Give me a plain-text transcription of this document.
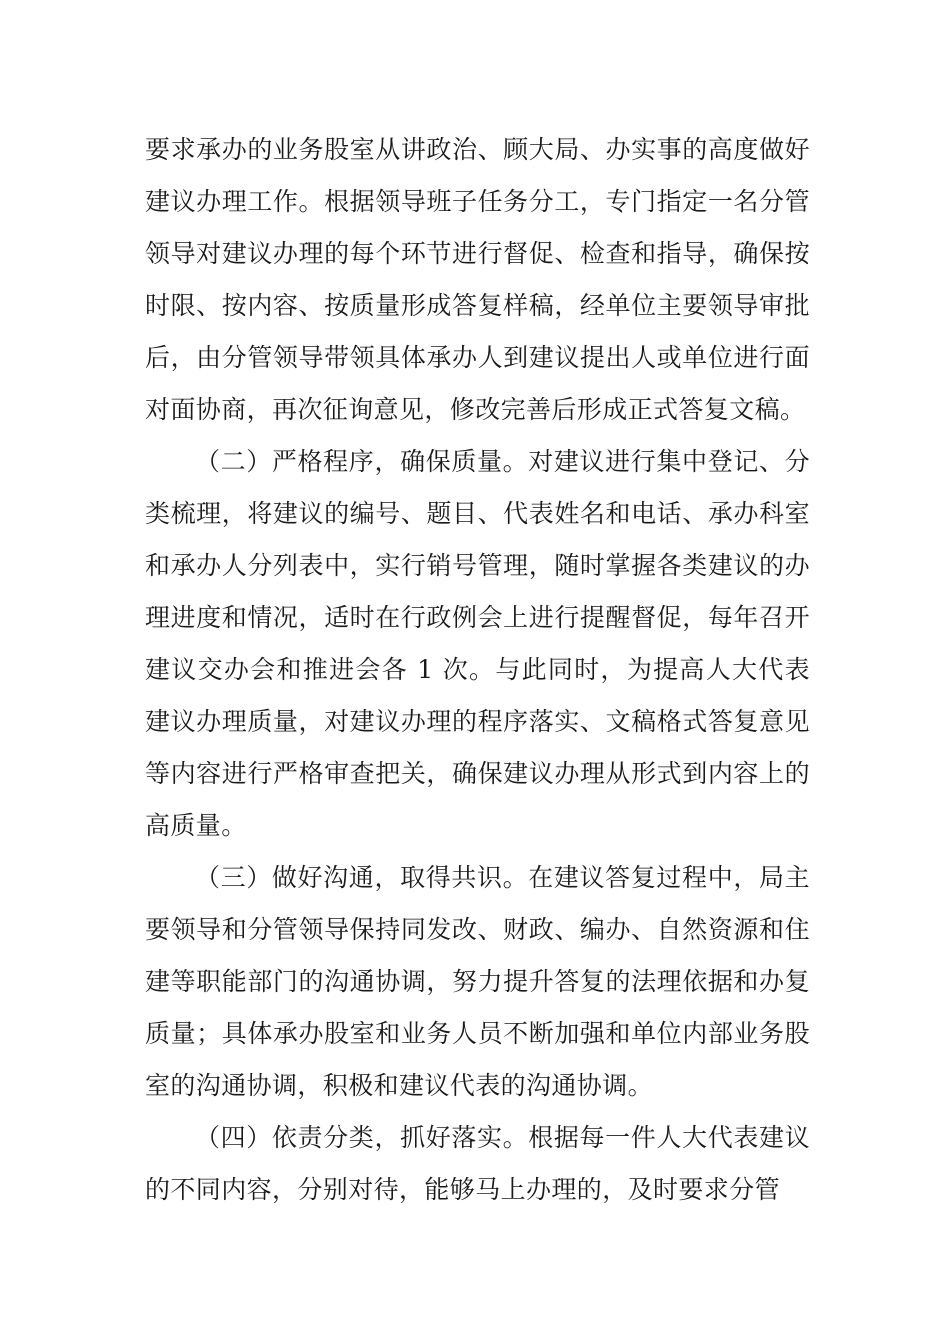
要求承办的业务股室从讲政治、顾大局、办实事的高度做好建议办理工作。根据领导班子任务分工，专门指定一名分管领导对建议办理的每个环节进行督促、检查和指导，确保按时限、按内容、按质量形成答复样稿，经单位主要领导审批后，由分管领导带领具体承办人到建议提出人或单位进行面对面协商，再次征询意见，修改完善后形成正式答复文稿。

（二）严格程序，确保质量。对建议进行集中登记、分类梳理，将建议的编号、题目、代表姓名和电话、承办科室和承办人分列表中，实行销号管理，随时掌握各类建议的办理进度和情况，适时在行政例会上进行提醒督促，每年召开建议交办会和推进会各 1 次。与此同时，为提高人大代表建议办理质量，对建议办理的程序落实、文稿格式答复意见等内容进行严格审查把关，确保建议办理从形式到内容上的高质量。

（三）做好沟通，取得共识。在建议答复过程中，局主要领导和分管领导保持同发改、财政、编办、自然资源和住建等职能部门的沟通协调，努力提升答复的法理依据和办复质量；具体承办股室和业务人员不断加强和单位内部业务股室的沟通协调，积极和建议代表的沟通协调。

（四）依责分类，抓好落实。根据每一件人大代表建议的不同内容，分别对待，能够马上办理的，及时要求分管
